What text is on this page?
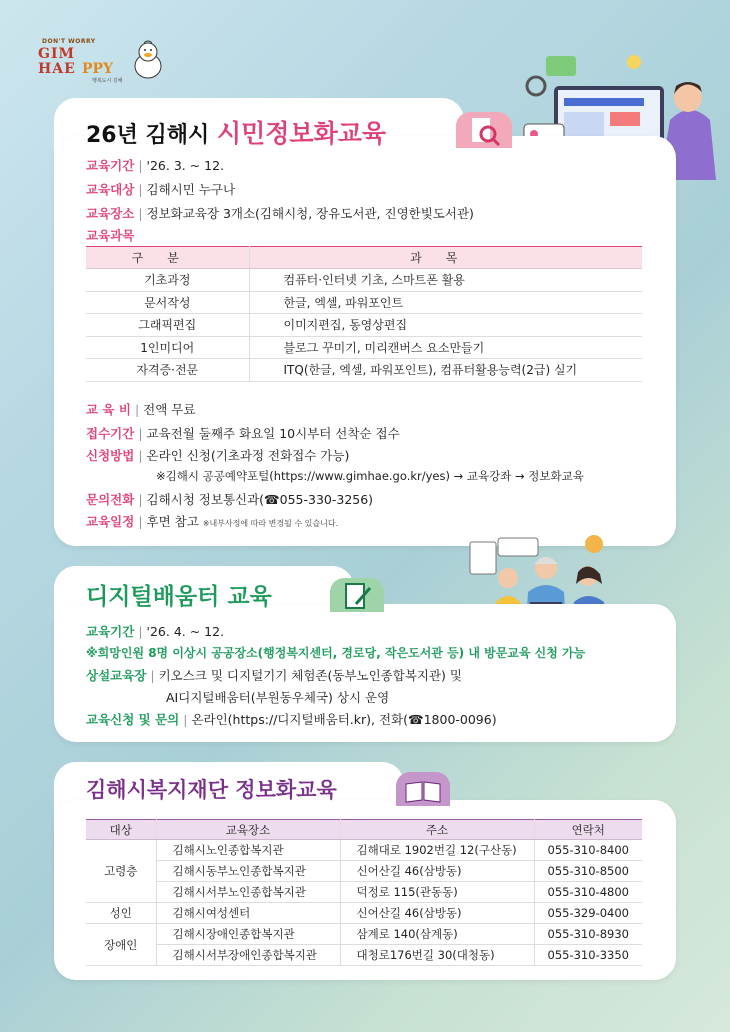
DON'T WORRY
GIM
HAE PPY
행복도시 김해
26년 김해시 시민정보화교육
교육기간 | '26. 3. ~ 12.
교육대상 | 김해시민 누구나
교육장소 | 정보화교육장 3개소(김해시청, 장유도서관, 진영한빛도서관)
교육과목
구분	과목
기초과정	컴퓨터·인터넷 기초, 스마트폰 활용
문서작성	한글, 엑셀, 파워포인트
그래픽편집	이미지편집, 동영상편집
1인미디어	블로그 꾸미기, 미리캔버스 요소만들기
자격증·전문	ITQ(한글, 엑셀, 파워포인트), 컴퓨터활용능력(2급) 실기
교 육 비 | 전액 무료
접수기간 | 교육전월 둘째주 화요일 10시부터 선착순 접수
신청방법 | 온라인 신청(기초과정 전화접수 가능)
※김해시 공공예약포털(https://www.gimhae.go.kr/yes) → 교육강좌 → 정보화교육
문의전화 | 김해시청 정보통신과(☎055-330-3256)
교육일정 | 후면 참고 ※내부사정에 따라 변경될 수 있습니다.
디지털배움터 교육
교육기간 | '26. 4. ~ 12.
※희망인원 8명 이상시 공공장소(행정복지센터, 경로당, 작은도서관 등) 내 방문교육 신청 가능
상설교육장 | 키오스크 및 디지털기기 체험존(동부노인종합복지관) 및
AI디지털배움터(부원동우체국) 상시 운영
교육신청 및 문의 | 온라인(https://디지털배움터.kr), 전화(☎1800-0096)
김해시복지재단 정보화교육
대상	교육장소	주소	연락처
고령층	김해시노인종합복지관	김해대로 1902번길 12(구산동)	055-310-8400
	김해시동부노인종합복지관	신어산길 46(삼방동)	055-310-8500
	김해시서부노인종합복지관	덕정로 115(관동동)	055-310-4800
성인	김해시여성센터	신어산길 46(삼방동)	055-329-0400
장애인	김해시장애인종합복지관	삼계로 140(삼계동)	055-310-8930
	김해시서부장애인종합복지관	대청로176번길 30(대청동)	055-310-3350
